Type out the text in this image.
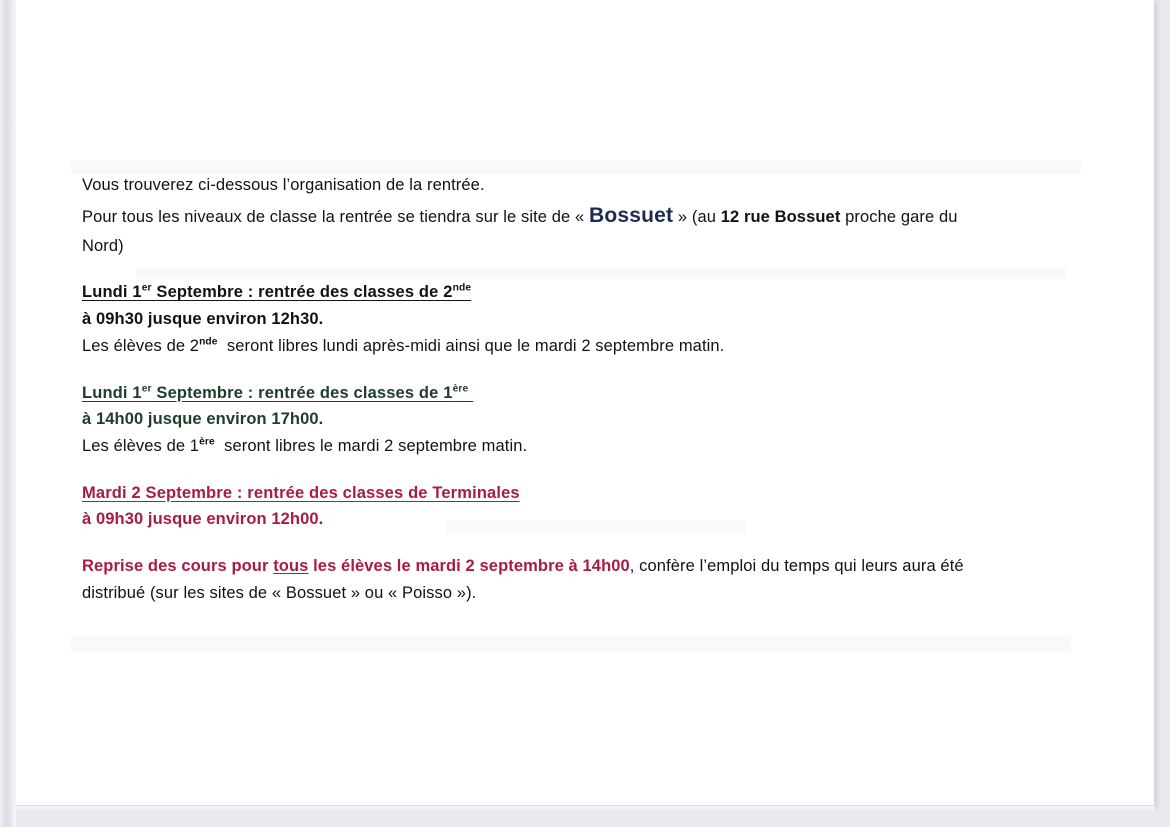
Vous trouverez ci-dessous l’organisation de la rentrée.
Pour tous les niveaux de classe la rentrée se tiendra sur le site de « Bossuet » (au 12 rue Bossuet proche gare du
Nord)
Lundi 1er Septembre : rentrée des classes de 2nde
à 09h30 jusque environ 12h30.
Les élèves de 2nde  seront libres lundi après-midi ainsi que le mardi 2 septembre matin.
Lundi 1er Septembre : rentrée des classes de 1ère
à 14h00 jusque environ 17h00.
Les élèves de 1ère  seront libres le mardi 2 septembre matin.
Mardi 2 Septembre : rentrée des classes de Terminales
à 09h30 jusque environ 12h00.
Reprise des cours pour tous les élèves le mardi 2 septembre à 14h00, confère l’emploi du temps qui leurs aura été
distribué (sur les sites de « Bossuet » ou « Poisso »).
